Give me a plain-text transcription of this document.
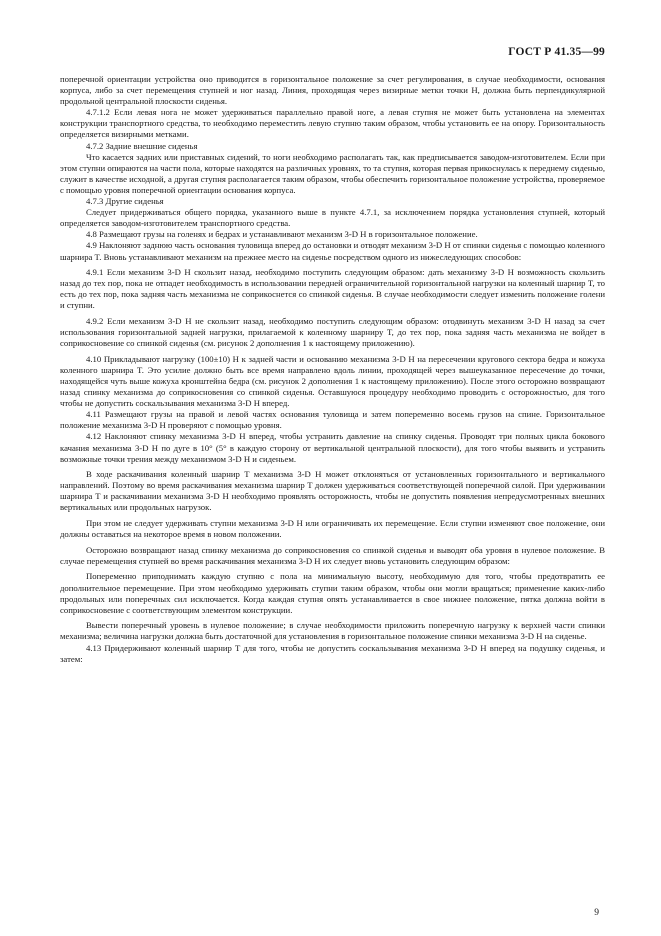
ГОСТ Р 41.35—99

поперечной ориентации устройства оно приводится в горизонтальное положение за счет регулирования, в случае необходимости, основания корпуса, либо за счет перемещения ступней и ног назад. Линия, проходящая через визирные метки точки H, должна быть перпендикулярной продольной центральной плоскости сиденья.

4.7.1.2 Если левая нога не может удерживаться параллельно правой ноге, а левая ступня не может быть установлена на элементах конструкции транспортного средства, то необходимо переместить левую ступню таким образом, чтобы установить ее на опору. Горизонтальность определяется визирными метками.

4.7.2 Задние внешние сиденья

Что касается задних или приставных сидений, то ноги необходимо располагать так, как предписывается заводом-изготовителем. Если при этом ступни опираются на части пола, которые находятся на различных уровнях, то та ступня, которая первая прикоснулась к переднему сиденью, служит в качестве исходной, а другая ступня располагается таким образом, чтобы обеспечить горизонтальное положение устройства, проверяемое с помощью уровня поперечной ориентации основания корпуса.

4.7.3 Другие сиденья

Следует придерживаться общего порядка, указанного выше в пункте 4.7.1, за исключением порядка установления ступней, который определяется заводом-изготовителем транспортного средства.

4.8 Размещают грузы на голенях и бедрах и устанавливают механизм 3-D H в горизонтальное положение.

4.9 Наклоняют заднюю часть основания туловища вперед до остановки и отводят механизм 3-D H от спинки сиденья с помощью коленного шарнира T. Вновь устанавливают механизм на прежнее место на сиденье посредством одного из нижеследующих способов:

4.9.1 Если механизм 3-D H скользит назад, необходимо поступить следующим образом: дать механизму 3-D H возможность скользить назад до тех пор, пока не отпадет необходимость в использовании передней ограничительной горизонтальной нагрузки на коленный шарнир T, то есть до тех пор, пока задняя часть механизма не соприкоснется со спинкой сиденья. В случае необходимости следует изменить положение голени и ступни.

4.9.2 Если механизм 3-D H не скользит назад, необходимо поступить следующим образом: отодвинуть механизм 3-D H назад за счет использования горизонтальной задней нагрузки, прилагаемой к коленному шарниру T, до тех пор, пока задняя часть механизма не войдет в соприкосновение со спинкой сиденья (см. рисунок 2 дополнения 1 к настоящему приложению).

4.10 Прикладывают нагрузку (100±10) Н к задней части и основанию механизма 3-D H на пересечении кругового сектора бедра и кожуха коленного шарнира T. Это усилие должно быть все время направлено вдоль линии, проходящей через вышеуказанное пересечение до точки, находящейся чуть выше кожуха кронштейна бедра (см. рисунок 2 дополнения 1 к настоящему приложению). После этого осторожно возвращают назад спинку механизма до соприкосновения со спинкой сиденья. Оставшуюся процедуру необходимо проводить с осторожностью, для того чтобы не допустить соскальзывания механизма 3-D H вперед.

4.11 Размещают грузы на правой и левой частях основания туловища и затем попеременно восемь грузов на спине. Горизонтальное положение механизма 3-D H проверяют с помощью уровня.

4.12 Наклоняют спинку механизма 3-D H вперед, чтобы устранить давление на спинку сиденья. Проводят три полных цикла бокового качания механизма 3-D H по дуге в 10° (5° в каждую сторону от вертикальной центральной плоскости), для того чтобы выявить и устранить возможные точки трения между механизмом 3-D H и сиденьем.

В ходе раскачивания коленный шарнир T механизма 3-D H может отклоняться от установленных горизонтального и вертикального направлений. Поэтому во время раскачивания механизма шарнир T должен удерживаться соответствующей поперечной силой. При удерживании шарнира T и раскачивании механизма 3-D H необходимо проявлять осторожность, чтобы не допустить появления непредусмотренных внешних вертикальных или продольных нагрузок.

При этом не следует удерживать ступни механизма 3-D H или ограничивать их перемещение. Если ступни изменяют свое положение, они должны оставаться на некоторое время в новом положении.

Осторожно возвращают назад спинку механизма до соприкосновения со спинкой сиденья и выводят оба уровня в нулевое положение. В случае перемещения ступней во время раскачивания механизма 3-D H их следует вновь установить следующим образом:

Попеременно приподнимать каждую ступню с пола на минимальную высоту, необходимую для того, чтобы предотвратить ее дополнительное перемещение. При этом необходимо удерживать ступни таким образом, чтобы они могли вращаться; применение каких-либо продольных или поперечных сил исключается. Когда каждая ступня опять устанавливается в свое нижнее положение, пятка должна войти в соприкосновение с соответствующим элементом конструкции.

Вывести поперечный уровень в нулевое положение; в случае необходимости приложить поперечную нагрузку к верхней части спинки механизма; величина нагрузки должна быть достаточной для установления в горизонтальное положение спинки механизма 3-D H на сиденье.

4.13 Придерживают коленный шарнир T для того, чтобы не допустить соскальзывания механизма 3-D H вперед на подушку сиденья, и затем:

9
